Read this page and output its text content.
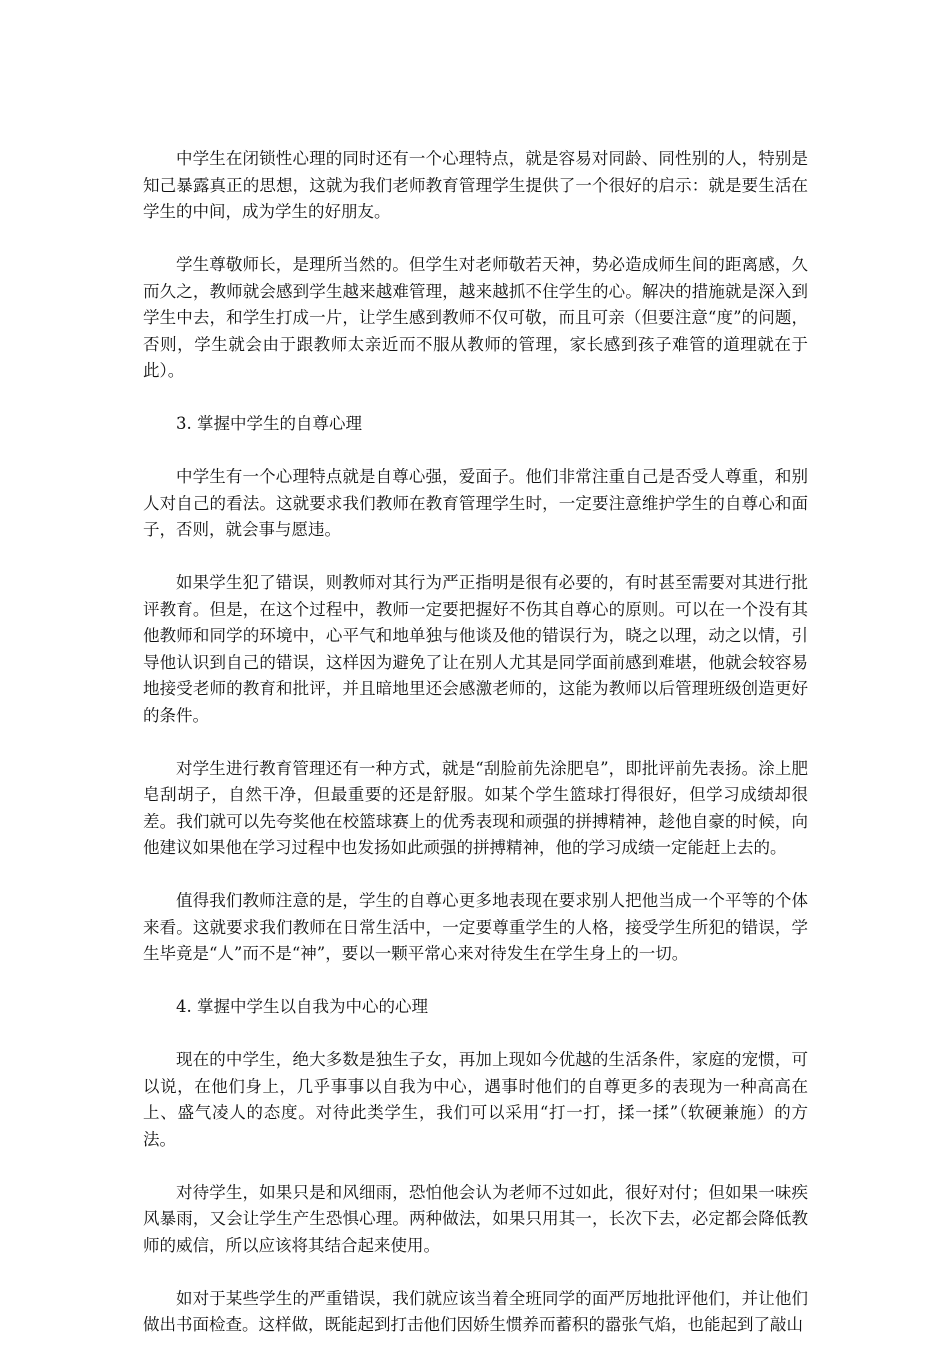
中学生在闭锁性心理的同时还有一个心理特点，就是容易对同龄、同性别的人，特别是知己暴露真正的思想，这就为我们老师教育管理学生提供了一个很好的启示：就是要生活在学生的中间，成为学生的好朋友。

学生尊敬师长，是理所当然的。但学生对老师敬若天神，势必造成师生间的距离感，久而久之，教师就会感到学生越来越难管理，越来越抓不住学生的心。解决的措施就是深入到学生中去，和学生打成一片，让学生感到教师不仅可敬，而且可亲（但要注意“度”的问题，否则，学生就会由于跟教师太亲近而不服从教师的管理，家长感到孩子难管的道理就在于此）。

3. 掌握中学生的自尊心理

中学生有一个心理特点就是自尊心强，爱面子。他们非常注重自己是否受人尊重，和别人对自己的看法。这就要求我们教师在教育管理学生时，一定要注意维护学生的自尊心和面子，否则，就会事与愿违。

如果学生犯了错误，则教师对其行为严正指明是很有必要的，有时甚至需要对其进行批评教育。但是，在这个过程中，教师一定要把握好不伤其自尊心的原则。可以在一个没有其他教师和同学的环境中，心平气和地单独与他谈及他的错误行为，晓之以理，动之以情，引导他认识到自己的错误，这样因为避免了让在别人尤其是同学面前感到难堪，他就会较容易地接受老师的教育和批评，并且暗地里还会感激老师的，这能为教师以后管理班级创造更好的条件。

对学生进行教育管理还有一种方式，就是“刮脸前先涂肥皂”，即批评前先表扬。涂上肥皂刮胡子，自然干净，但最重要的还是舒服。如某个学生篮球打得很好，但学习成绩却很差。我们就可以先夸奖他在校篮球赛上的优秀表现和顽强的拼搏精神，趁他自豪的时候，向他建议如果他在学习过程中也发扬如此顽强的拼搏精神，他的学习成绩一定能赶上去的。

值得我们教师注意的是，学生的自尊心更多地表现在要求别人把他当成一个平等的个体来看。这就要求我们教师在日常生活中，一定要尊重学生的人格，接受学生所犯的错误，学生毕竟是“人”而不是“神”，要以一颗平常心来对待发生在学生身上的一切。

4. 掌握中学生以自我为中心的心理

现在的中学生，绝大多数是独生子女，再加上现如今优越的生活条件，家庭的宠惯，可以说，在他们身上，几乎事事以自我为中心，遇事时他们的自尊更多的表现为一种高高在上、盛气凌人的态度。对待此类学生，我们可以采用“打一打，揉一揉”（软硬兼施）的方法。

对待学生，如果只是和风细雨，恐怕他会认为老师不过如此，很好对付；但如果一味疾风暴雨，又会让学生产生恐惧心理。两种做法，如果只用其一，长次下去，必定都会降低教师的威信，所以应该将其结合起来使用。

如对于某些学生的严重错误，我们就应该当着全班同学的面严厉地批评他们，并让他们做出书面检查。这样做，既能起到打击他们因娇生惯养而蓄积的嚣张气焰，也能起到了敲山
